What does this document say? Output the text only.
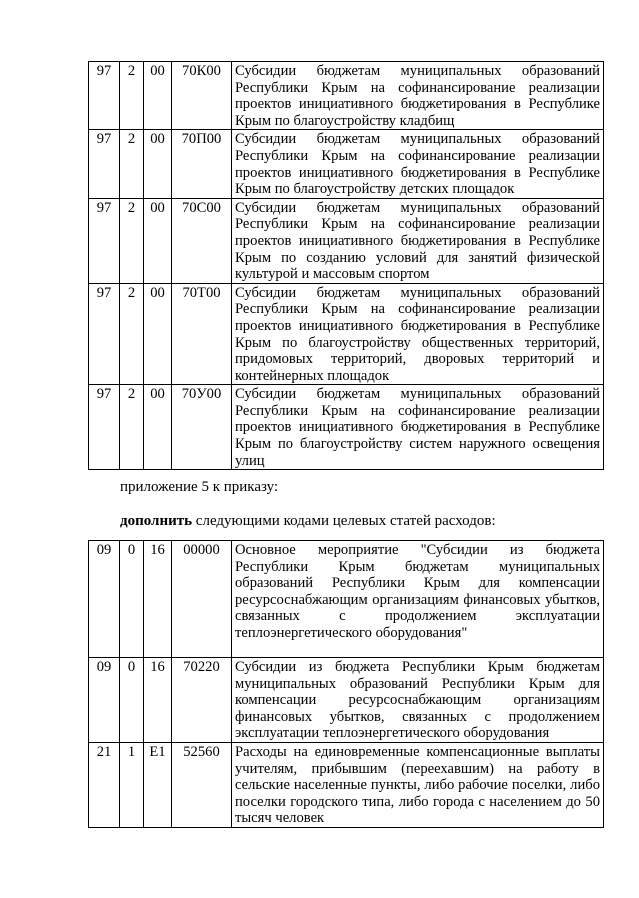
97	2	00	70К00	Субсидии бюджетам муниципальных образований Республики Крым на софинансирование реализации проектов инициативного бюджетирования в Республике Крым по благоустройству кладбищ
97	2	00	70П00	Субсидии бюджетам муниципальных образований Республики Крым на софинансирование реализации проектов инициативного бюджетирования в Республике Крым по благоустройству детских площадок
97	2	00	70С00	Субсидии бюджетам муниципальных образований Республики Крым на софинансирование реализации проектов инициативного бюджетирования в Республике Крым по созданию условий для занятий физической культурой и массовым спортом
97	2	00	70Т00	Субсидии бюджетам муниципальных образований Республики Крым на софинансирование реализации проектов инициативного бюджетирования в Республике Крым по благоустройству общественных территорий, придомовых территорий, дворовых территорий и контейнерных площадок
97	2	00	70У00	Субсидии бюджетам муниципальных образований Республики Крым на софинансирование реализации проектов инициативного бюджетирования в Республике Крым по благоустройству систем наружного освещения улиц
приложение 5 к приказу:
дополнить следующими кодами целевых статей расходов:
09	0	16	00000	Основное мероприятие "Субсидии из бюджета Республики Крым бюджетам муниципальных образований Республики Крым для компенсации ресурсоснабжающим организациям финансовых убытков, связанных с продолжением эксплуатации теплоэнергетического оборудования"
09	0	16	70220	Субсидии из бюджета Республики Крым бюджетам муниципальных образований Республики Крым для компенсации ресурсоснабжающим организациям финансовых убытков, связанных с продолжением эксплуатации теплоэнергетического оборудования
21	1	Е1	52560	Расходы на единовременные компенсационные выплаты учителям, прибывшим (переехавшим) на работу в сельские населенные пункты, либо рабочие поселки, либо поселки городского типа, либо города с населением до 50 тысяч человек
